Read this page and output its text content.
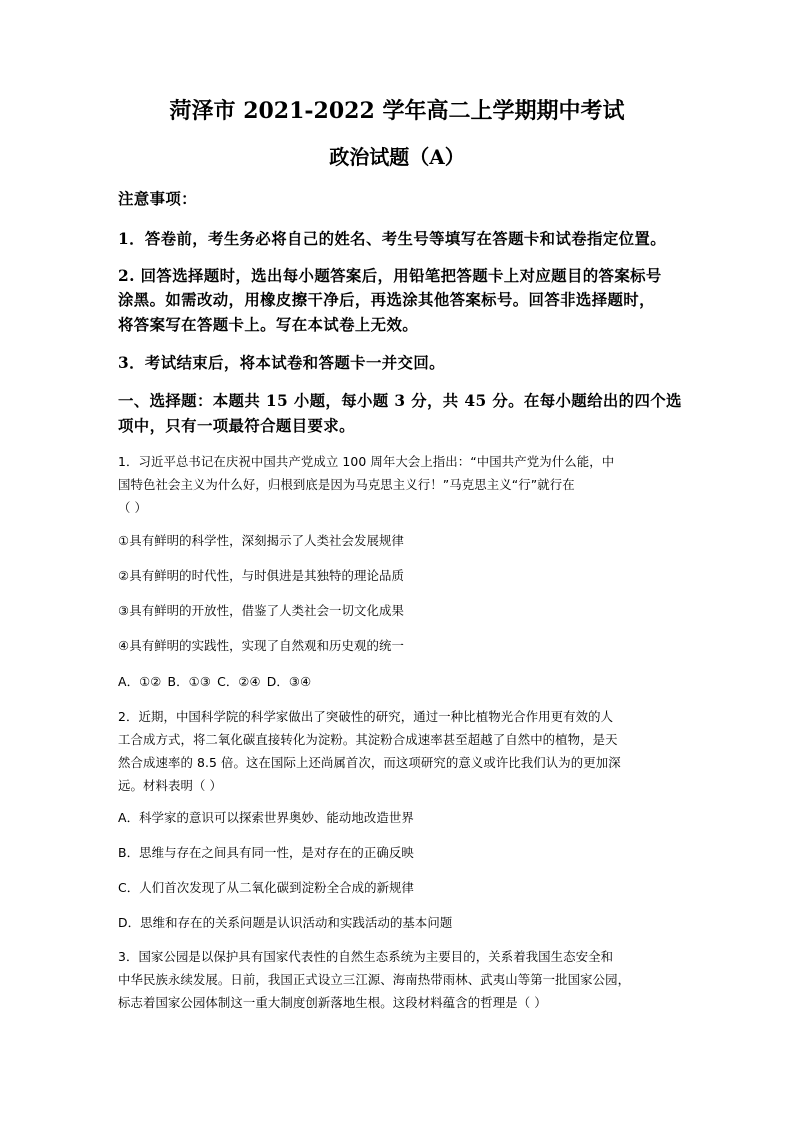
菏泽市 2021-2022 学年高二上学期期中考试
政治试题（A）
注意事项：
1．答卷前，考生务必将自己的姓名、考生号等填写在答题卡和试卷指定位置。
2. 回答选择题时，选出每小题答案后，用铅笔把答题卡上对应题目的答案标号
涂黑。如需改动，用橡皮擦干净后，再选涂其他答案标号。回答非选择题时，
将答案写在答题卡上。写在本试卷上无效。
3．考试结束后，将本试卷和答题卡一并交回。
一、选择题：本题共 15 小题，每小题 3 分，共 45 分。在每小题给出的四个选
项中，只有一项最符合题目要求。
1．习近平总书记在庆祝中国共产党成立 100 周年大会上指出：“中国共产党为什么能，中
国特色社会主义为什么好，归根到底是因为马克思主义行！”马克思主义“行”就行在
（ ）
①具有鲜明的科学性，深刻揭示了人类社会发展规律
②具有鲜明的时代性，与时俱进是其独特的理论品质
③具有鲜明的开放性，借鉴了人类社会一切文化成果
④具有鲜明的实践性，实现了自然观和历史观的统一
A．①② B．①③ C．②④ D．③④
2．近期，中国科学院的科学家做出了突破性的研究，通过一种比植物光合作用更有效的人
工合成方式，将二氧化碳直接转化为淀粉。其淀粉合成速率甚至超越了自然中的植物，是天
然合成速率的 8.5 倍。这在国际上还尚属首次，而这项研究的意义或许比我们认为的更加深
远。材料表明（ ）
A．科学家的意识可以探索世界奥妙、能动地改造世界
B．思维与存在之间具有同一性，是对存在的正确反映
C．人们首次发现了从二氧化碳到淀粉全合成的新规律
D．思维和存在的关系问题是认识活动和实践活动的基本问题
3．国家公园是以保护具有国家代表性的自然生态系统为主要目的，关系着我国生态安全和
中华民族永续发展。日前，我国正式设立三江源、海南热带雨林、武夷山等第一批国家公园，
标志着国家公园体制这一重大制度创新落地生根。这段材料蕴含的哲理是（ ）
